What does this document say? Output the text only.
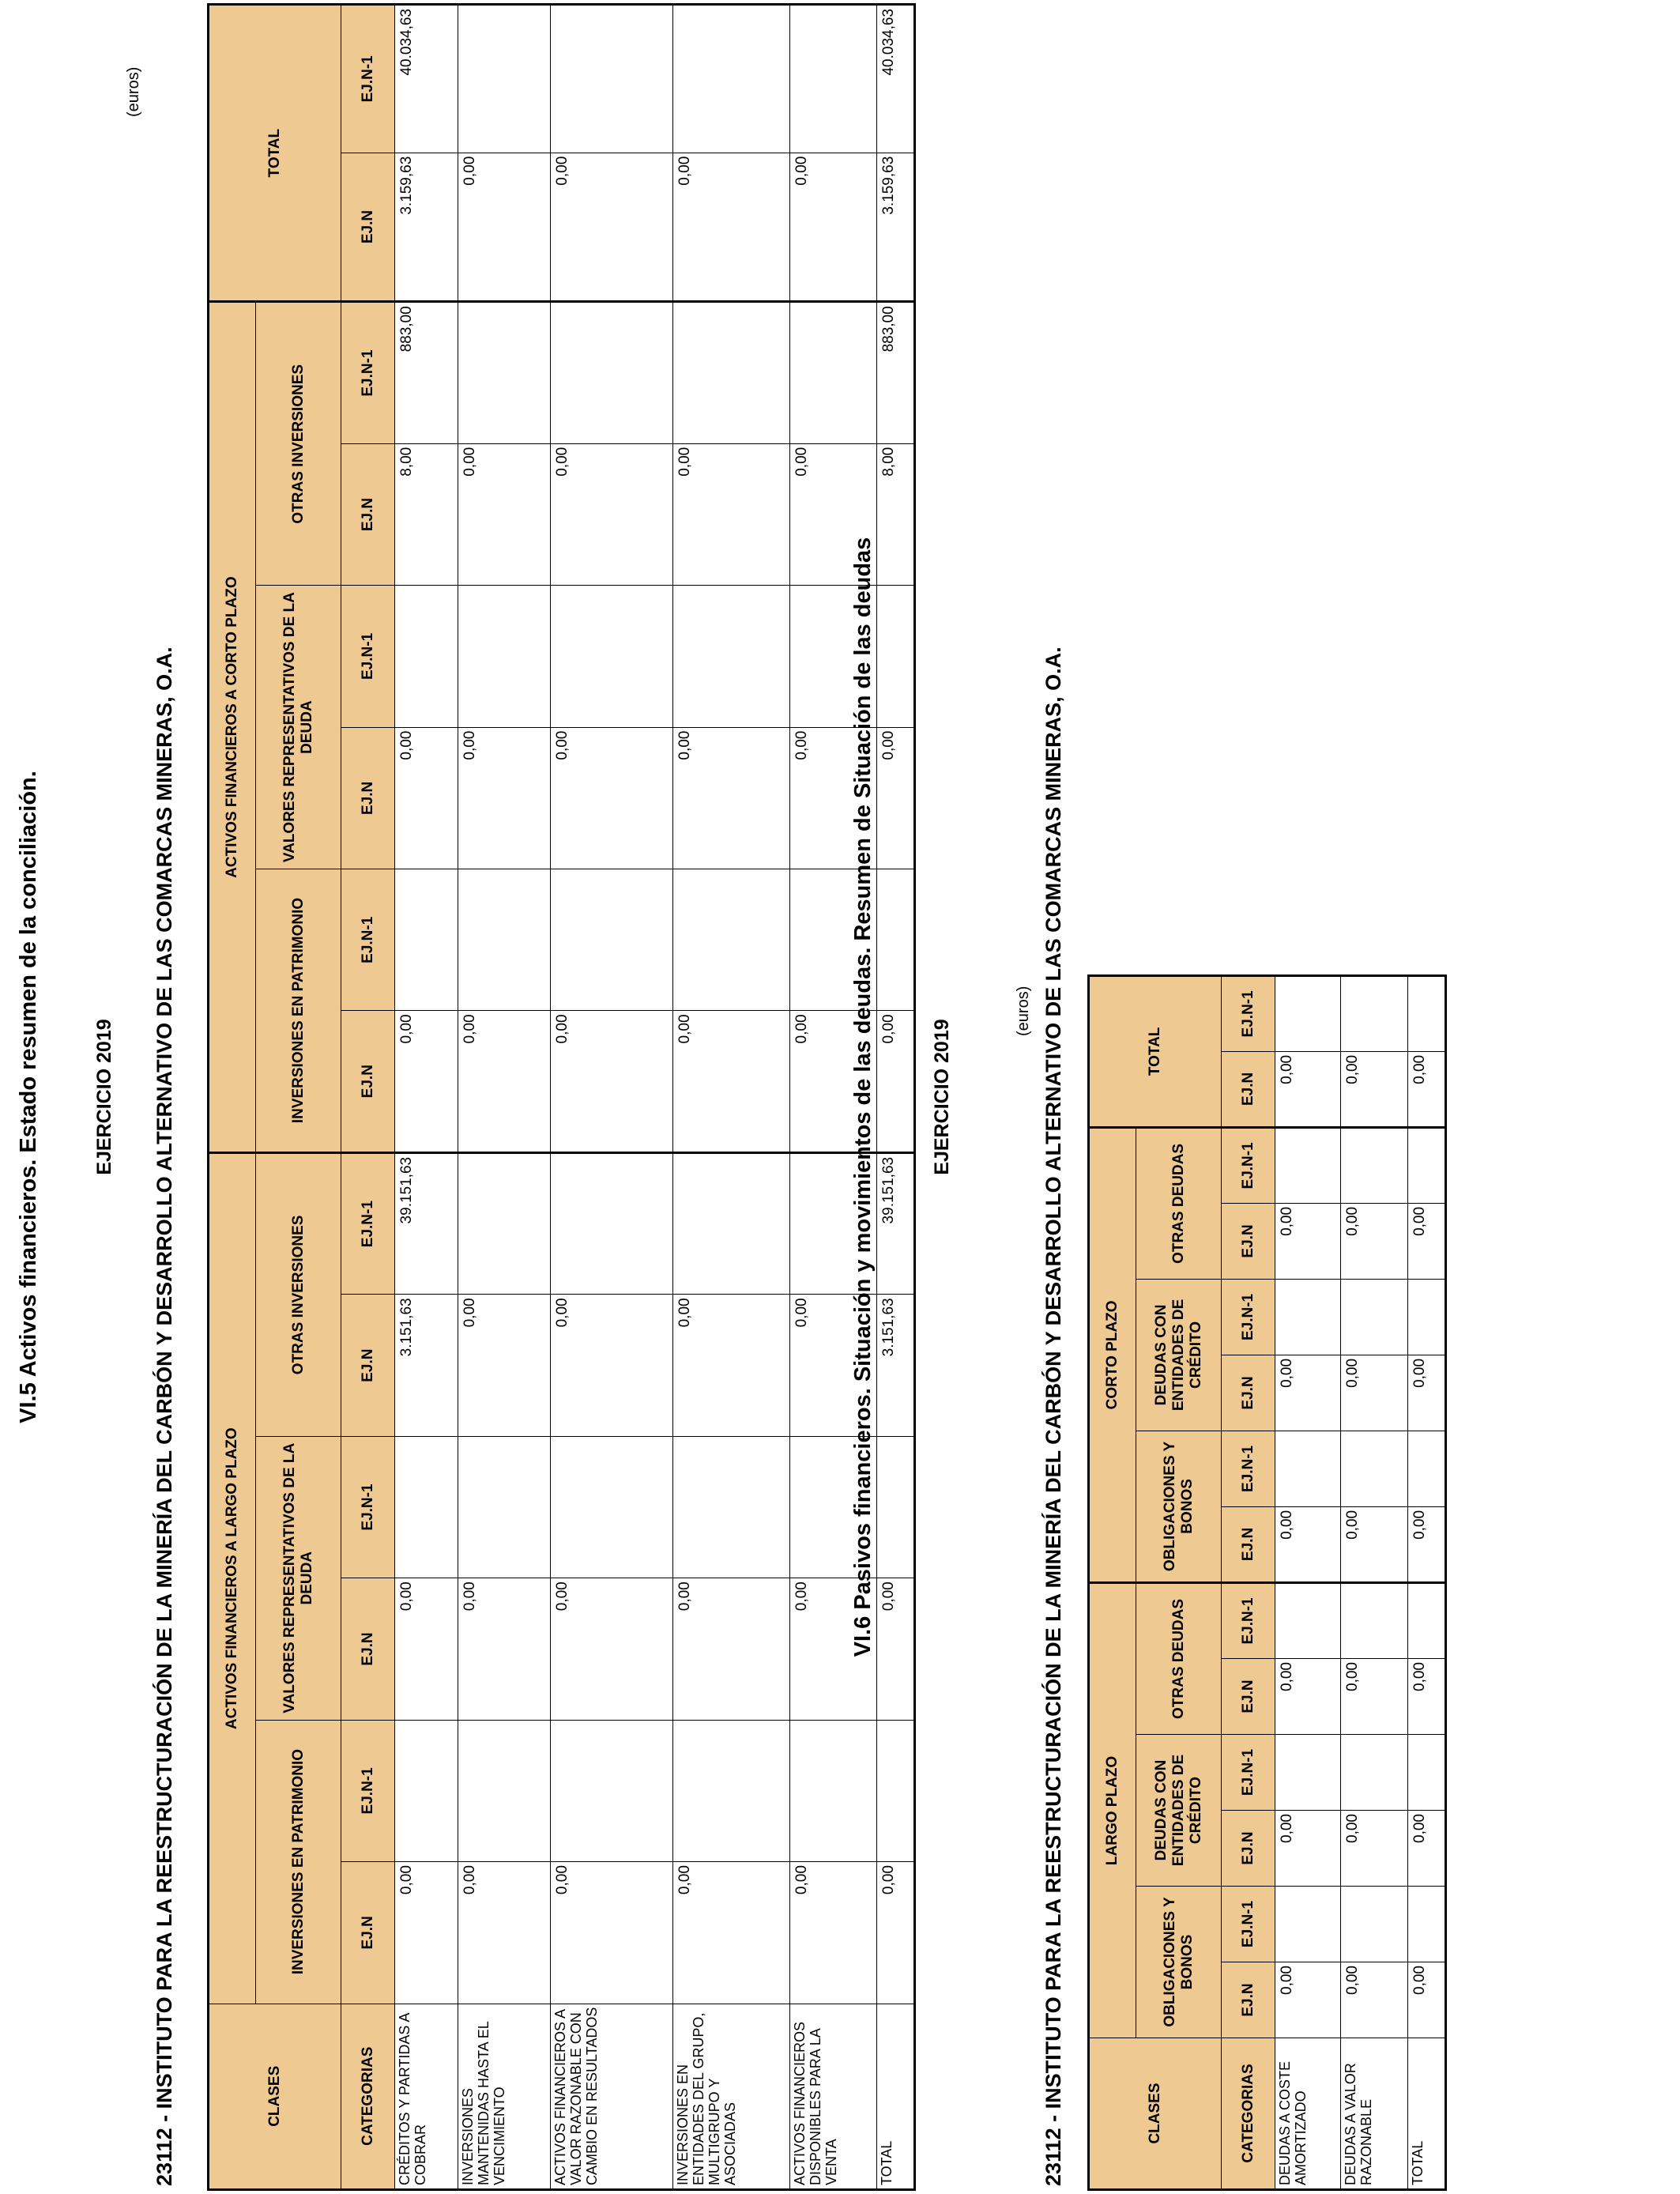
VI.5 Activos financieros. Estado resumen de la conciliación.	EJERCICIO 2019 23112 - INSTITUTO PARA LA REESTRUCTURACIÓN DE LA MINERÍA DEL CARBÓN Y DESARROLLO ALTERNATIVO DE LAS COMARCAS MINERAS, O.A.
(euros)
CLASES	ACTIVOS FINANCIEROS A LARGO PLAZO						ACTIVOS FINANCIEROS A CORTO PLAZO						TOTAL	
	INVERSIONES EN PATRIMONIO		VALORES REPRESENTATIVOS DE LA DEUDA		OTRAS INVERSIONES		INVERSIONES EN PATRIMONIO		VALORES REPRESENTATIVOS DE LA DEUDA		OTRAS INVERSIONES			
CATEGORIAS	EJ.N	EJ.N-1	EJ.N	EJ.N-1	EJ.N	EJ.N-1	EJ.N	EJ.N-1	EJ.N	EJ.N-1	EJ.N	EJ.N-1	EJ.N	EJ.N-1
CRÉDITOS Y PARTIDAS A COBRAR	0,00		0,00		3.151,63	39.151,63	0,00		0,00		8,00	883,00	3.159,63	40.034,63
INVERSIONES MANTENIDAS HASTA EL VENCIMIENTO	0,00		0,00		0,00		0,00		0,00		0,00		0,00	
ACTIVOS FINANCIEROS A VALOR RAZONABLE CON CAMBIO EN RESULTADOS	0,00		0,00		0,00		0,00		0,00		0,00		0,00	
INVERSIONES EN ENTIDADES DEL GRUPO, MULTIGRUPO Y ASOCIADAS	0,00		0,00		0,00		0,00		0,00		0,00		0,00	
ACTIVOS FINANCIEROS DISPONIBLES PARA LA VENTA	0,00		0,00		0,00		0,00		0,00		0,00		0,00	
TOTAL	0,00		0,00		3.151,63	39.151,63	0,00		0,00		8,00	883,00	3.159,63	40.034,63
VI.6 Pasivos financieros. Situación y movimientos de las deudas. Resumen de Situación de las deudas	EJERCICIO 2019	23112 - INSTITUTO PARA LA REESTRUCTURACIÓN DE LA MINERÍA DEL CARBÓN Y DESARROLLO ALTERNATIVO DE LAS COMARCAS MINERAS, O.A.
(euros)
CLASES	LARGO PLAZO						CORTO PLAZO						TOTAL	
	OBLIGACIONES Y BONOS		DEUDAS CON ENTIDADES DE CRÉDITO		OTRAS DEUDAS		OBLIGACIONES Y BONOS		DEUDAS CON ENTIDADES DE CRÉDITO		OTRAS DEUDAS			
CATEGORIAS	EJ.N	EJ.N-1	EJ.N	EJ.N-1	EJ.N	EJ.N-1	EJ.N	EJ.N-1	EJ.N	EJ.N-1	EJ.N	EJ.N-1	EJ.N	EJ.N-1
DEUDAS A COSTE AMORTIZADO	0,00		0,00		0,00		0,00		0,00		0,00		0,00	
DEUDAS A VALOR RAZONABLE	0,00		0,00		0,00		0,00		0,00		0,00		0,00	
TOTAL	0,00		0,00		0,00		0,00		0,00		0,00		0,00	
